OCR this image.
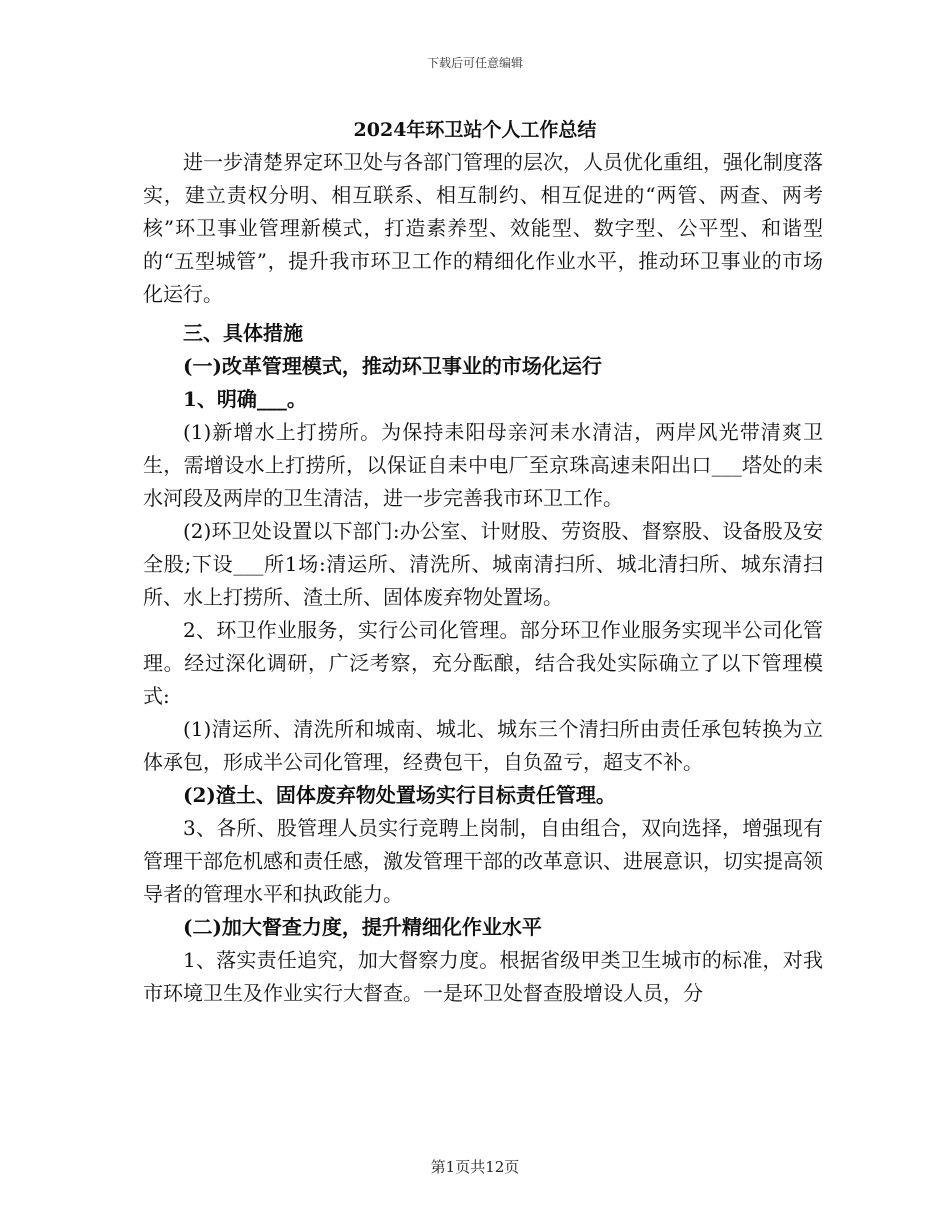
下载后可任意编辑
2024年环卫站个人工作总结

进一步清楚界定环卫处与各部门管理的层次，人员优化重组，强化制度落实，建立责权分明、相互联系、相互制约、相互促进的“两管、两查、两考核”环卫事业管理新模式，打造素养型、效能型、数字型、公平型、和谐型的“五型城管”，提升我市环卫工作的精细化作业水平，推动环卫事业的市场化运行。

三、具体措施

(一)改革管理模式，推动环卫事业的市场化运行

1、明确___。

(1)新增水上打捞所。为保持耒阳母亲河耒水清洁，两岸风光带清爽卫生，需增设水上打捞所，以保证自耒中电厂至京珠高速耒阳出口___塔处的耒水河段及两岸的卫生清洁，进一步完善我市环卫工作。

(2)环卫处设置以下部门:办公室、计财股、劳资股、督察股、设备股及安全股;下设___所1场:清运所、清洗所、城南清扫所、城北清扫所、城东清扫所、水上打捞所、渣土所、固体废弃物处置场。

2、环卫作业服务，实行公司化管理。部分环卫作业服务实现半公司化管理。经过深化调研，广泛考察，充分酝酿，结合我处实际确立了以下管理模式:

(1)清运所、清洗所和城南、城北、城东三个清扫所由责任承包转换为立体承包，形成半公司化管理，经费包干，自负盈亏，超支不补。

(2)渣土、固体废弃物处置场实行目标责任管理。

3、各所、股管理人员实行竞聘上岗制，自由组合，双向选择，增强现有管理干部危机感和责任感，激发管理干部的改革意识、进展意识，切实提高领导者的管理水平和执政能力。

(二)加大督查力度，提升精细化作业水平

1、落实责任追究，加大督察力度。根据省级甲类卫生城市的标准，对我市环境卫生及作业实行大督查。一是环卫处督查股增设人员，分

第1页共12页
